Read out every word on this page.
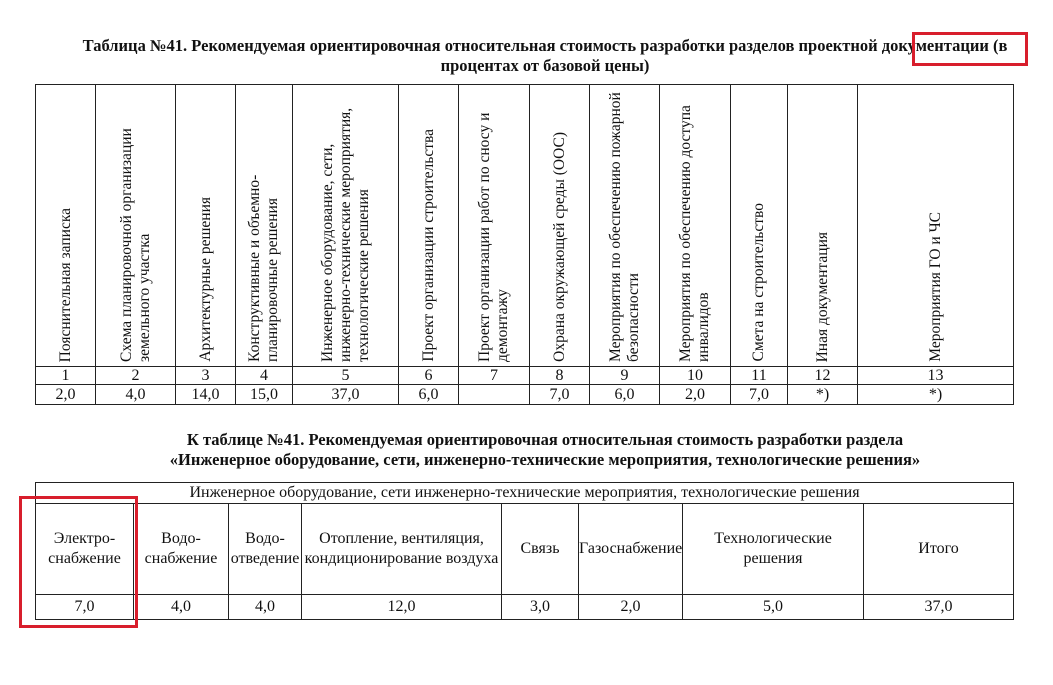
Таблица №41. Рекомендуемая ориентировочная относительная стоимость разработки разделов проектной документации (в процентах от базовой цены)
Пояснительная записка	Схема планировочной организации земельного участка	Архитектурные решения	Конструктивные и объемно-планировочные решения	Инженерное оборудование, сети, инженерно-технические мероприятия, технологические решения	Проект организации строительства	Проект организации работ по сносу и демонтажу	Охрана окружающей среды (ООС)	Мероприятия по обеспечению пожарной безопасности	Мероприятия по обеспечению доступа инвалидов	Смета на строительство	Иная документация	Мероприятия ГО и ЧС

1	2	3	4	5	6	7	8	9	10	11	12	13
2,0	4,0	14,0	15,0	37,0	6,0		7,0	6,0	2,0	7,0	*)	*)
К таблице №41. Рекомендуемая ориентировочная относительная стоимость разработки раздела
«Инженерное оборудование, сети, инженерно-технические мероприятия, технологические решения»
Инженерное оборудование, сети инженерно-технические мероприятия, технологические решения							
Электро-снабжение	Водо-снабжение	Водо-отведение	Отопление, вентиляция, кондиционирование воздуха	Связь	Газоснабжение	Технологические решения	Итого
7,0	4,0	4,0	12,0	3,0	2,0	5,0	37,0
